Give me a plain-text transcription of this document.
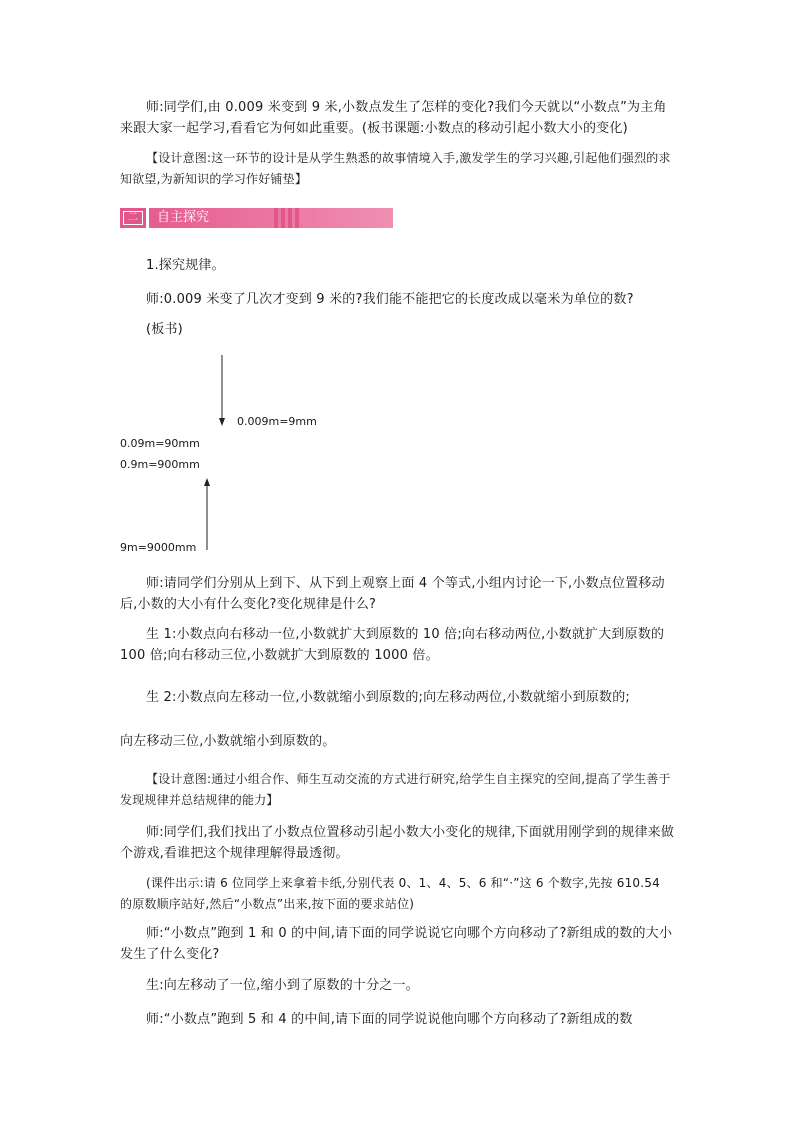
师:同学们,由 0.009 米变到 9 米,小数点发生了怎样的变化?我们今天就以“小数点”为主角来跟大家一起学习,看看它为何如此重要。(板书课题:小数点的移动引起小数大小的变化)

【设计意图:这一环节的设计是从学生熟悉的故事情境入手,激发学生的学习兴趣,引起他们强烈的求知欲望,为新知识的学习作好铺垫】

二	自主探究

1.探究规律。

师:0.009 米变了几次才变到 9 米的?我们能不能把它的长度改成以毫米为单位的数?

(板书)

0.009m=9mm

0.09m=90mm

0.9m=900mm

9m=9000mm

师:请同学们分别从上到下、从下到上观察上面 4 个等式,小组内讨论一下,小数点位置移动后,小数的大小有什么变化?变化规律是什么?

生 1:小数点向右移动一位,小数就扩大到原数的 10 倍;向右移动两位,小数就扩大到原数的 100 倍;向右移动三位,小数就扩大到原数的 1000 倍。

生 2:小数点向左移动一位,小数就缩小到原数的;向左移动两位,小数就缩小到原数的;

向左移动三位,小数就缩小到原数的。

【设计意图:通过小组合作、师生互动交流的方式进行研究,给学生自主探究的空间,提高了学生善于发现规律并总结规律的能力】

师:同学们,我们找出了小数点位置移动引起小数大小变化的规律,下面就用刚学到的规律来做个游戏,看谁把这个规律理解得最透彻。

(课件出示:请 6 位同学上来拿着卡纸,分别代表 0、1、4、5、6 和“·”这 6 个数字,先按 610.54 的原数顺序站好,然后“小数点”出来,按下面的要求站位)

师:“小数点”跑到 1 和 0 的中间,请下面的同学说说它向哪个方向移动了?新组成的数的大小发生了什么变化?

生:向左移动了一位,缩小到了原数的十分之一。

师:“小数点”跑到 5 和 4 的中间,请下面的同学说说他向哪个方向移动了?新组成的数
